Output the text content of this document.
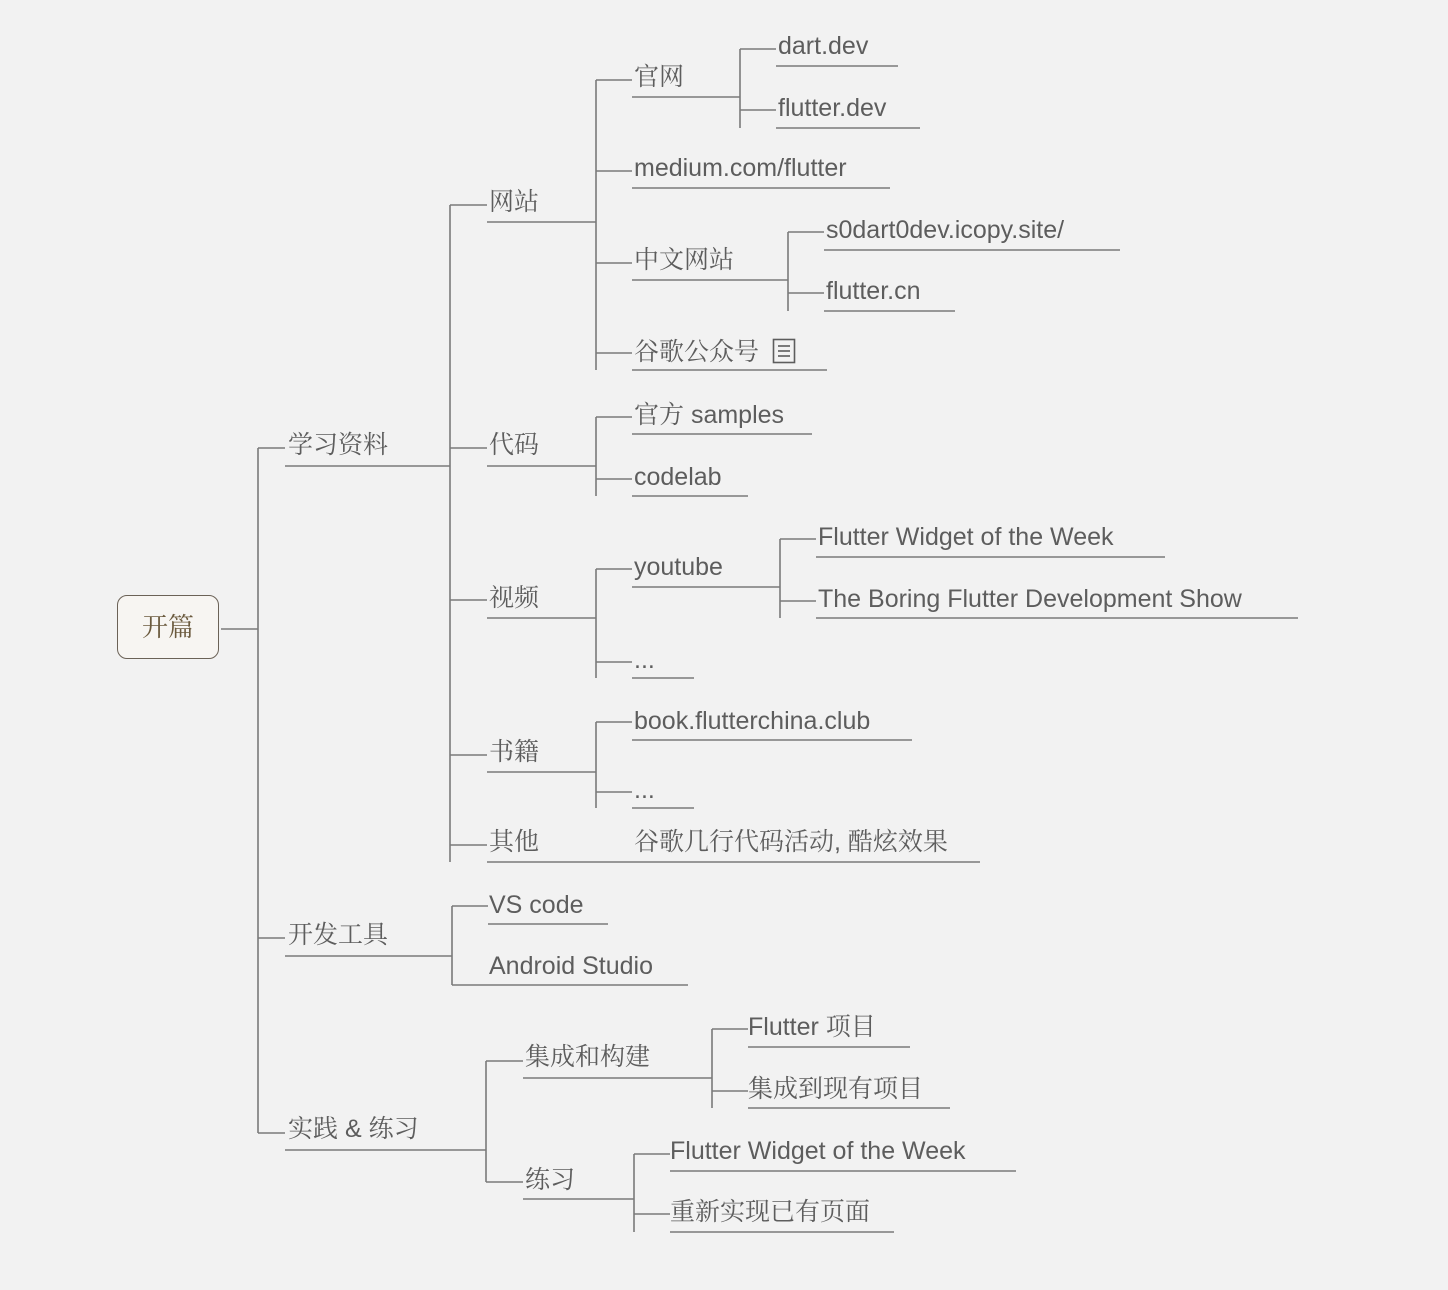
开篇
学习资料
网站
官网
dart.dev
flutter.dev
medium.com/flutter
中文网站
s0dart0dev.icopy.site/
flutter.cn
谷歌公众号
代码
官方 samples
codelab
视频
youtube
Flutter Widget of the Week
The Boring Flutter Development Show
...
书籍
book.flutterchina.club
...
其他	谷歌几行代码活动, 酷炫效果
开发工具
VS code
Android Studio
实践 & 练习
集成和构建
Flutter 项目
集成到现有项目
练习
Flutter Widget of the Week
重新实现已有页面
